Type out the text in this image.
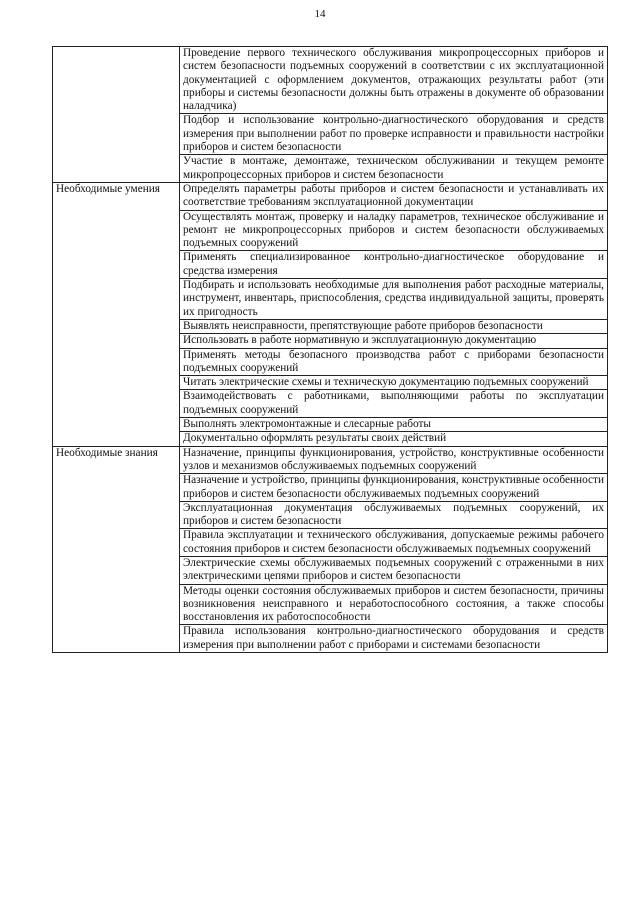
14
	Проведение первого технического обслуживания микропроцессорных приборов и систем безопасности подъемных сооружений в соответствии с их эксплуатационной документацией с оформлением документов, отражающих результаты работ (эти приборы и системы безопасности должны быть отражены в документе об образовании наладчика)
	Подбор и использование контрольно-диагностического оборудования и средств измерения при выполнении работ по проверке исправности и правильности настройки приборов и систем безопасности
	Участие в монтаже, демонтаже, техническом обслуживании и текущем ремонте микропроцессорных приборов и систем безопасности
Необходимые умения	Определять параметры работы приборов и систем безопасности и устанавливать их соответствие требованиям эксплуатационной документации
	Осуществлять монтаж, проверку и наладку параметров, техническое обслуживание и ремонт не микропроцессорных приборов и систем безопасности обслуживаемых подъемных сооружений
	Применять специализированное контрольно-диагностическое оборудование и средства измерения
	Подбирать и использовать необходимые для выполнения работ расходные материалы, инструмент, инвентарь, приспособления, средства индивидуальной защиты, проверять их пригодность
	Выявлять неисправности, препятствующие работе приборов безопасности
	Использовать в работе нормативную и эксплуатационную документацию
	Применять методы безопасного производства работ с приборами безопасности подъемных сооружений
	Читать электрические схемы и техническую документацию подъемных сооружений
	Взаимодействовать с работниками, выполняющими работы по эксплуатации подъемных сооружений
	Выполнять электромонтажные и слесарные работы
	Документально оформлять результаты своих действий
Необходимые знания	Назначение, принципы функционирования, устройство, конструктивные особенности узлов и механизмов обслуживаемых подъемных сооружений
	Назначение и устройство, принципы функционирования, конструктивные особенности приборов и систем безопасности обслуживаемых подъемных сооружений
	Эксплуатационная документация обслуживаемых подъемных сооружений, их приборов и систем безопасности
	Правила эксплуатации и технического обслуживания, допускаемые режимы рабочего состояния приборов и систем безопасности обслуживаемых подъемных сооружений
	Электрические схемы обслуживаемых подъемных сооружений с отраженными в них электрическими цепями приборов и систем безопасности
	Методы оценки состояния обслуживаемых приборов и систем безопасности, причины возникновения неисправного и неработоспособного состояния, а также способы восстановления их работоспособности
	Правила использования контрольно-диагностического оборудования и средств измерения при выполнении работ с приборами и системами безопасности
